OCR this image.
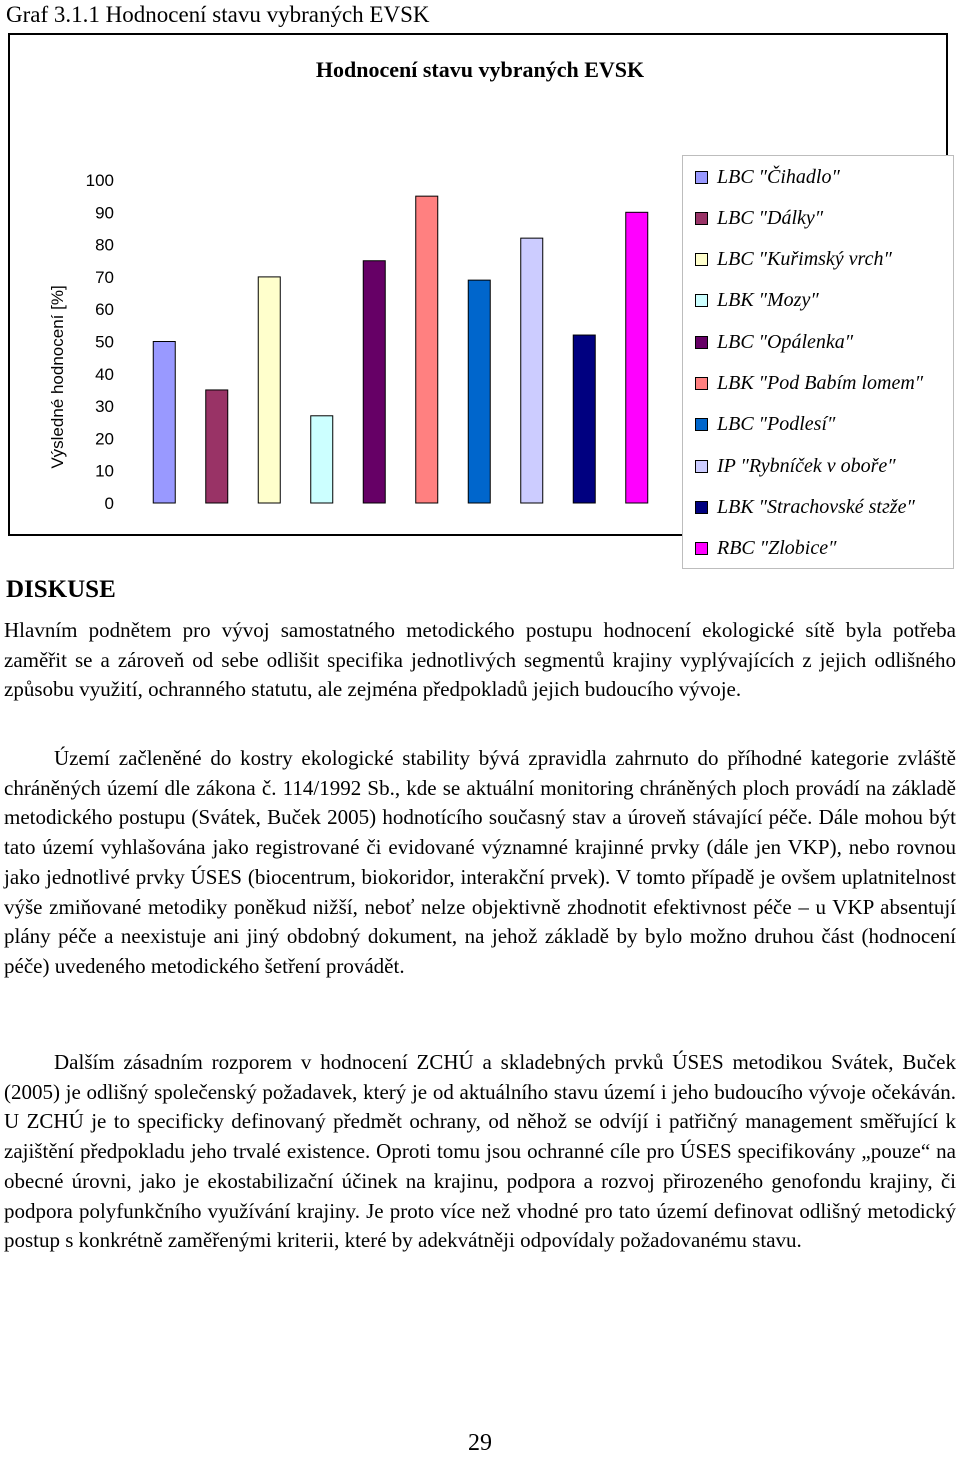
Graf 3.1.1 Hodnocení stavu vybraných EVSK
Hodnocení stavu vybraných EVSK
Výsledné hodnocení [%]
100
90
80
70
60
50
40
30
20
10
0
LBC ″Čihadlo″
LBC ″Dálky″
LBC ″Kuřimský vrch″
LBK ″Mozy″
LBC ″Opálenka″
LBK ″Pod Babím lomem″
LBC ″Podlesí″
IP ″Rybníček v oboře″
LBK ″Strachovské stгže″
RBC ″Zlobice″
DISKUSE
Hlavním podnětem pro vývoj samostatného metodického postupu hodnocení ekologické sítě byla potřeba zaměřit se a zároveň od sebe odlišit specifika jednotlivých segmentů krajiny vyplývajících z jejich odlišného způsobu využití, ochranného statutu, ale zejména předpokladů jejich budoucího vývoje.
Území začleněné do kostry ekologické stability bývá zpravidla zahrnuto do příhodné kategorie zvláště chráněných území dle zákona č. 114/1992 Sb., kde se aktuální monitoring chráněných ploch provádí na základě metodického postupu (Svátek, Buček 2005) hodnotícího současný stav a úroveň stávající péče. Dále mohou být tato území vyhlašována jako registrované či evidované významné krajinné prvky (dále jen VKP), nebo rovnou jako jednotlivé prvky ÚSES (biocentrum, biokoridor, interakční prvek). V tomto případě je ovšem uplatnitelnost výše zmiňované metodiky poněkud nižší, neboť nelze objektivně zhodnotit efektivnost péče – u VKP absentují plány péče a neexistuje ani jiný obdobný dokument, na jehož základě by bylo možno druhou část (hodnocení péče) uvedeného metodického šetření provádět.
Dalším zásadním rozporem v hodnocení ZCHÚ a skladebných prvků ÚSES metodikou Svátek, Buček (2005) je odlišný společenský požadavek, který je od aktuálního stavu území i jeho budoucího vývoje očekáván. U ZCHÚ je to specificky definovaný předmět ochrany, od něhož se odvíjí i patřičný management směřující k zajištění předpokladu jeho trvalé existence. Oproti tomu jsou ochranné cíle pro ÚSES specifikovány „pouze“ na obecné úrovni, jako je ekostabilizační účinek na krajinu, podpora a rozvoj přirozeného genofondu krajiny, či podpora polyfunkčního využívání krajiny. Je proto více než vhodné pro tato území definovat odlišný metodický postup s konkrétně zaměřenými kriterii, které by adekvátněji odpovídaly požadovanému stavu.
29
